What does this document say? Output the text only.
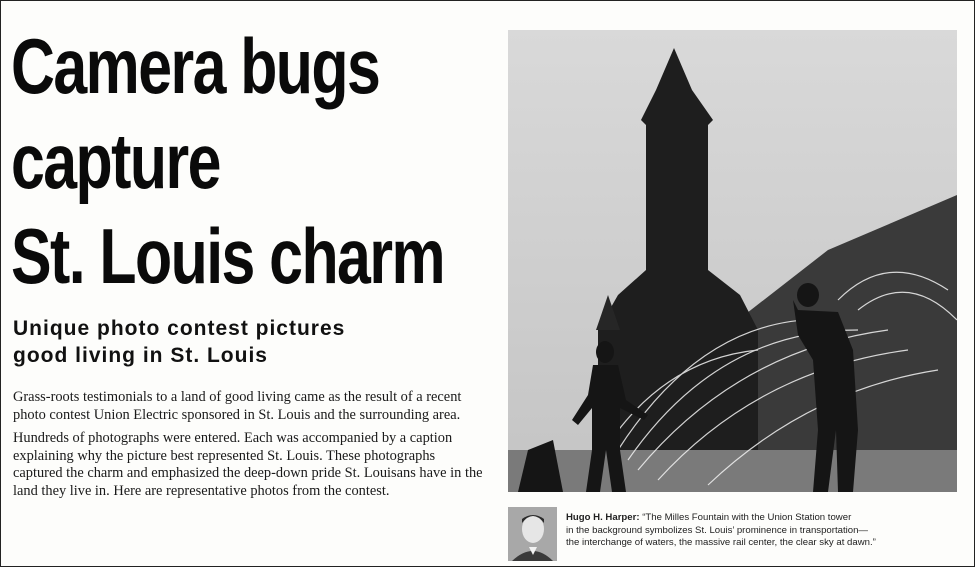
Camera bugs
capture
St. Louis charm
Unique photo contest pictures
good living in St. Louis

Grass-roots testimonials to a land of good living came as the result of a recent photo contest Union Electric sponsored in St. Louis and the surrounding area.

Hundreds of photographs were entered. Each was accompanied by a caption explaining why the picture best represented St. Louis. These photographs captured the charm and emphasized the deep-down pride St. Louisans have in the land they live in. Here are representative photos from the contest.

Hugo H. Harper: “The Milles Fountain with the Union Station tower
in the background symbolizes St. Louis’ prominence in transportation—
the interchange of waters, the massive rail center, the clear sky at dawn.”
